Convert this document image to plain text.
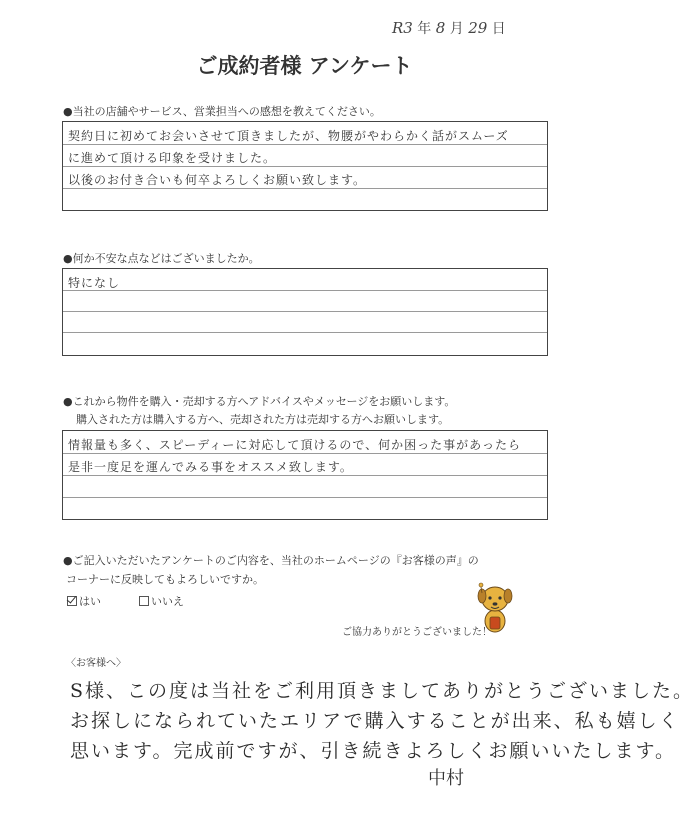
R3 年 8 月 29 日
ご成約者様 アンケート
●当社の店舗やサービス、営業担当への感想を教えてください。
契約日に初めてお会いさせて頂きましたが、物腰がやわらかく話がスムーズ
に進めて頂ける印象を受けました。
以後のお付き合いも何卒よろしくお願い致します。
●何か不安な点などはございましたか。
特になし
●これから物件を購入・売却する方へアドバイスやメッセージをお願いします。
購入された方は購入する方へ、売却された方は売却する方へお願いします。
情報量も多く、スピーディーに対応して頂けるので、何か困った事があったら
是非一度足を運んでみる事をオススメ致します。
●ご記入いただいたアンケートのご内容を、当社のホームページの『お客様の声』の
コーナーに反映してもよろしいですか。
はい	いいえ
ご協力ありがとうございました！
〈お客様へ〉
S様、この度は当社をご利用頂きましてありがとうございました。
お探しになられていたエリアで購入することが出来、私も嬉しく
思います。完成前ですが、引き続きよろしくお願いいたします。
中村
